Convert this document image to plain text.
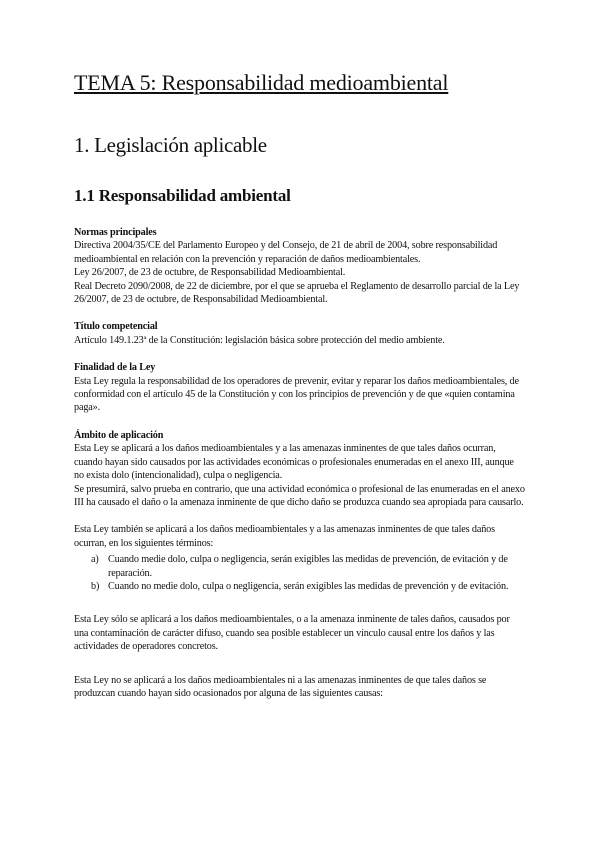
TEMA 5: Responsabilidad medioambiental
1. Legislación aplicable
1.1 Responsabilidad ambiental
Normas principales

Directiva 2004/35/CE del Parlamento Europeo y del Consejo, de 21 de abril de 2004, sobre responsabilidad medioambiental en relación con la prevención y reparación de daños medioambientales.

Ley 26/2007, de 23 de octubre, de Responsabilidad Medioambiental.

Real Decreto 2090/2008, de 22 de diciembre, por el que se aprueba el Reglamento de desarrollo parcial de la Ley 26/2007, de 23 de octubre, de Responsabilidad Medioambiental.

Título competencial

Artículo 149.1.23ª de la Constitución: legislación básica sobre protección del medio ambiente.

Finalidad de la Ley

Esta Ley regula la responsabilidad de los operadores de prevenir, evitar y reparar los daños medioambientales, de conformidad con el artículo 45 de la Constitución y con los principios de prevención y de que «quien contamina paga».

Ámbito de aplicación

Esta Ley se aplicará a los daños medioambientales y a las amenazas inminentes de que tales daños ocurran, cuando hayan sido causados por las actividades económicas o profesionales enumeradas en el anexo III, aunque no exista dolo (intencionalidad), culpa o negligencia.

Se presumirá, salvo prueba en contrario, que una actividad económica o profesional de las enumeradas en el anexo III ha causado el daño o la amenaza inminente de que dicho daño se produzca cuando sea apropiada para causarlo.

Esta Ley también se aplicará a los daños medioambientales y a las amenazas inminentes de que tales daños ocurran, en los siguientes términos:

a) Cuando medie dolo, culpa o negligencia, serán exigibles las medidas de prevención, de evitación y de reparación.
b) Cuando no medie dolo, culpa o negligencia, serán exigibles las medidas de prevención y de evitación.

Esta Ley sólo se aplicará a los daños medioambientales, o a la amenaza inminente de tales daños, causados por una contaminación de carácter difuso, cuando sea posible establecer un vínculo causal entre los daños y las actividades de operadores concretos.

Esta Ley no se aplicará a los daños medioambientales ni a las amenazas inminentes de que tales daños se produzcan cuando hayan sido ocasionados por alguna de las siguientes causas:
